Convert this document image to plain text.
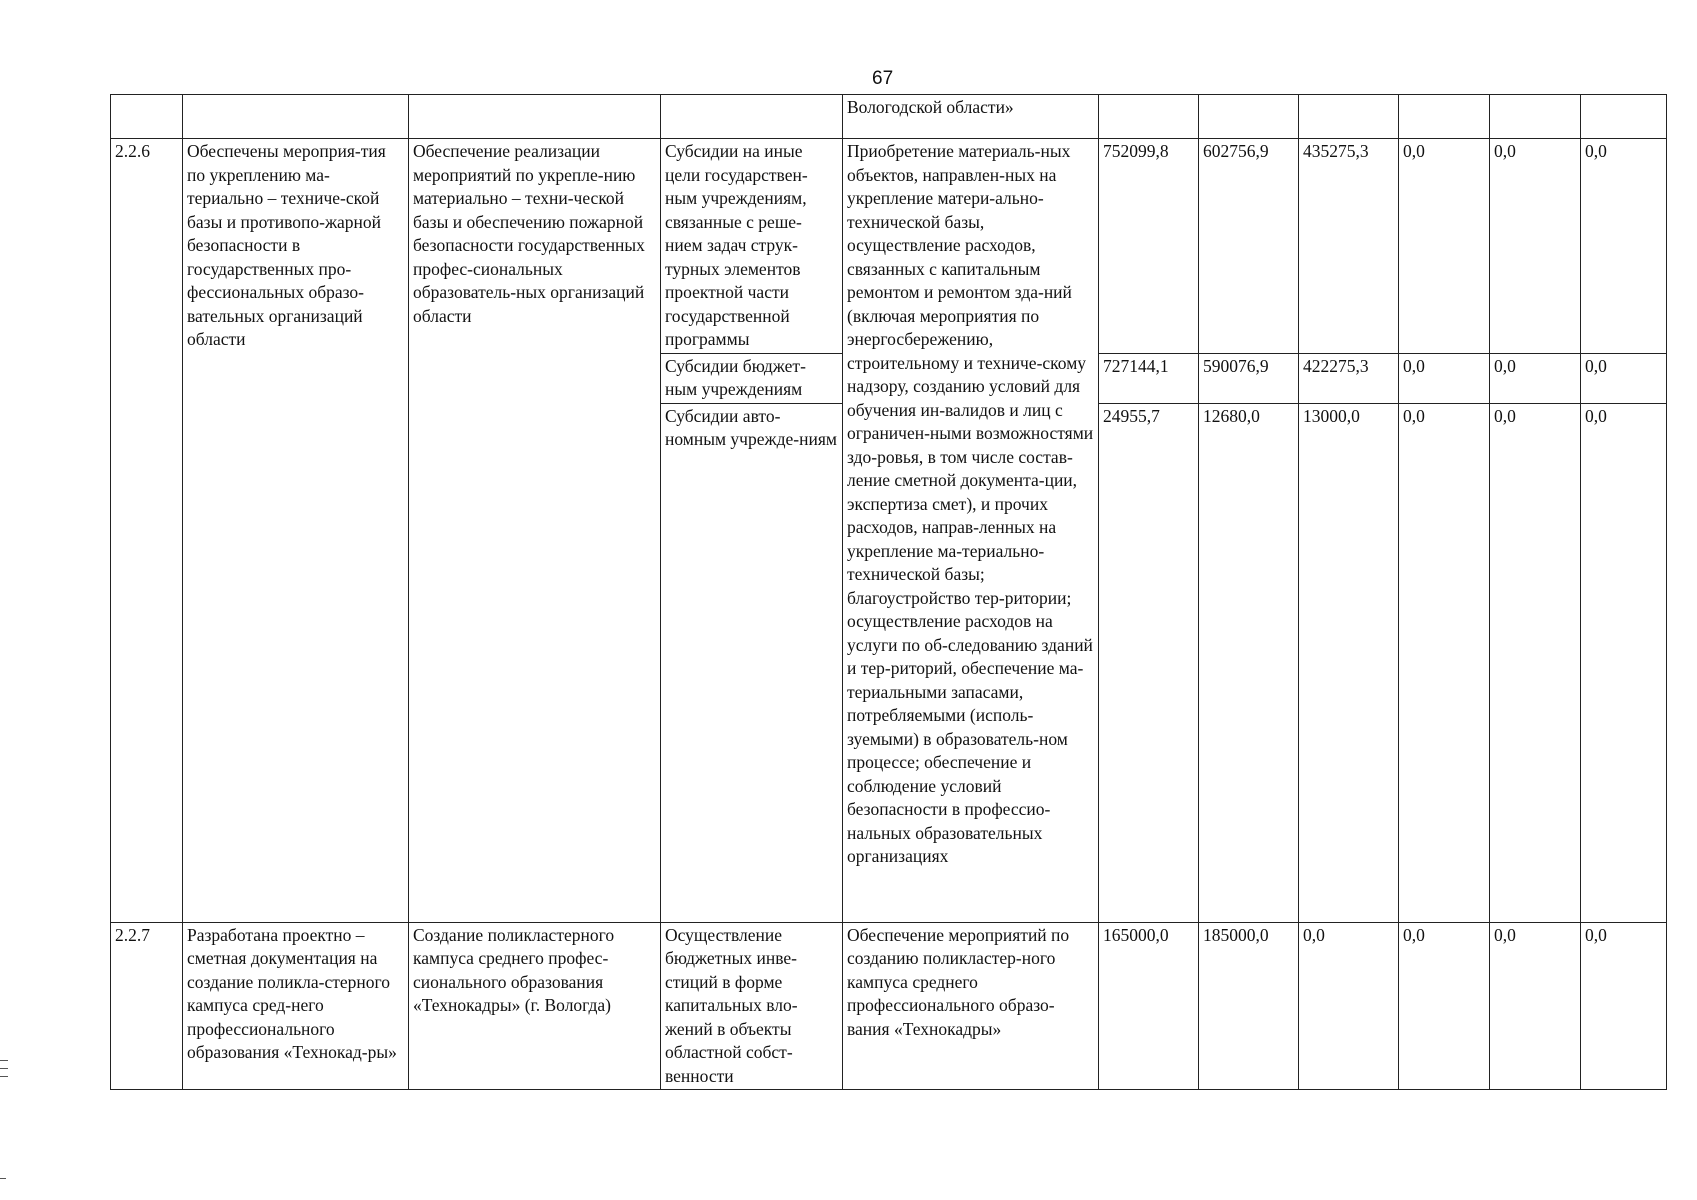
67
				Вологодской области»						
2.2.6	Обеспечены мероприя-тия по укреплению ма-териально – техниче-ской базы и противопо-жарной безопасности в государственных про-фессиональных образо-вательных организаций области	Обеспечение реализации мероприятий по укрепле-нию материально – техни-ческой базы и обеспечению пожарной безопасности государственных профес-сиональных образователь-ных организаций области	Субсидии на иные цели государствен-ным учреждениям, связанные с реше-нием задач струк-турных элементов проектной части государственной программы	Приобретение материаль-ных объектов, направлен-ных на укрепление матери-ально-технической базы, осуществление расходов, связанных с капитальным ремонтом и ремонтом зда-ний (включая мероприятия по энергосбережению, строительному и техниче-скому надзору, созданию условий для обучения ин-валидов и лиц с ограничен-ными возможностями здо-ровья, в том числе состав-ление сметной документа-ции, экспертиза смет), и прочих расходов, направ-ленных на укрепление ма-териально-технической базы; благоустройство тер-ритории; осуществление расходов на услуги по об-следованию зданий и тер-риторий, обеспечение ма-териальными запасами, потребляемыми (исполь-зуемыми) в образователь-ном процессе; обеспечение и соблюдение условий безопасности в профессио-нальных образовательных организациях	752099,8	602756,9	435275,3	0,0	0,0	0,0
			Субсидии бюджет-ным учреждениям		727144,1	590076,9	422275,3	0,0	0,0	0,0
			Субсидии авто-номным учрежде-ниям		24955,7	12680,0	13000,0	0,0	0,0	0,0
2.2.7	Разработана проектно – сметная документация на создание поликла-стерного кампуса сред-него профессионального образования «Технокад-ры»	Создание поликластерного кампуса среднего профес-сионального образования «Технокадры» (г. Вологда)	Осуществление бюджетных инве-стиций в форме капитальных вло-жений в объекты областной собст-венности	Обеспечение мероприятий по созданию поликластер-ного кампуса среднего профессионального образо-вания «Технокадры»	165000,0	185000,0	0,0	0,0	0,0	0,0
